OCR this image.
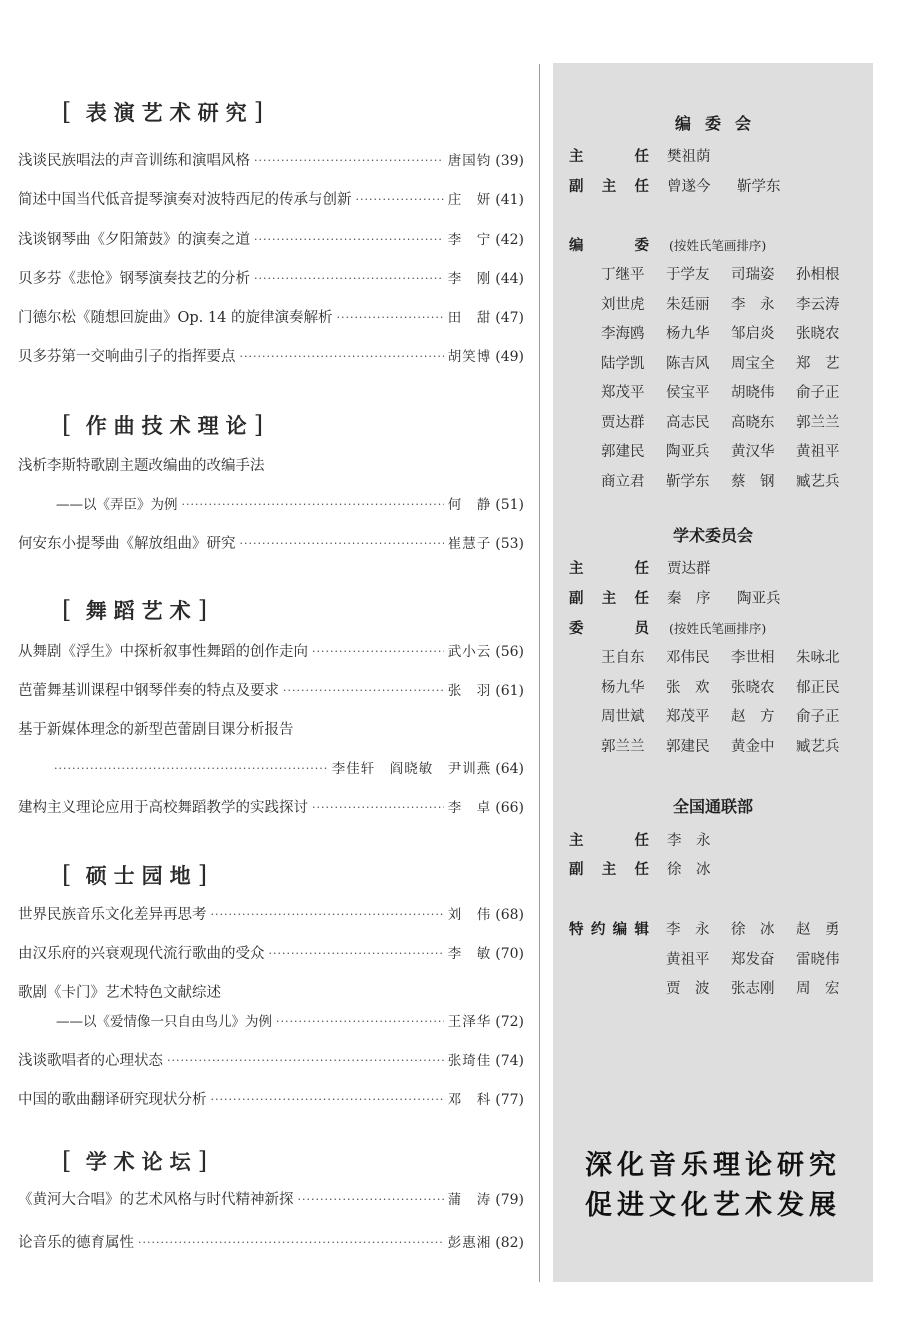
[ 表演艺术研究]
浅谈民族唱法的声音训练和演唱风格 ·····	唐国钧 (39)
简述中国当代低音提琴演奏对波特西尼的传承与创新 ·····	庄　妍 (41)
浅谈钢琴曲《夕阳箫鼓》的演奏之道 ·····	李　宁 (42)
贝多芬《悲怆》钢琴演奏技艺的分析 ·····	李　刚 (44)
门德尔松《随想回旋曲》Op. 14 的旋律演奏解析 ·····	田　甜 (47)
贝多芬第一交响曲引子的指挥要点 ·····	胡笑博 (49)
[ 作曲技术理论]
浅析李斯特歌剧主题改编曲的改编手法
——以《弄臣》为例 ·····	何　静 (51)
何安东小提琴曲《解放组曲》研究 ·····	崔慧子 (53)
[ 舞蹈艺术]
从舞剧《浮生》中探析叙事性舞蹈的创作走向 ·····	武小云 (56)
芭蕾舞基训课程中钢琴伴奏的特点及要求 ·····	张　羽 (61)
基于新媒体理念的新型芭蕾剧目课分析报告
·····
李佳轩　阎晓敏　尹训燕 (64)
建构主义理论应用于高校舞蹈教学的实践探讨 ·····	李　卓 (66)
[ 硕士园地]
世界民族音乐文化差异再思考 ·····	刘　伟 (68)
由汉乐府的兴衰观现代流行歌曲的受众 ·····	李　敏 (70)
歌剧《卡门》艺术特色文献综述
——以《爱情像一只自由鸟儿》为例 ·····	王泽华 (72)
浅谈歌唱者的心理状态 ·····	张琦佳 (74)
中国的歌曲翻译研究现状分析 ·····	邓　科 (77)
[ 学术论坛]
《黄河大合唱》的艺术风格与时代精神新探 ·····	蒲　涛 (79)
论音乐的德育属性 ·····	彭惠湘 (82)
编委会
主	任 樊祖荫
副 主 任 曾遂今 靳学东
编	委 (按姓氏笔画排序)
丁继平	于学友	司瑞姿	孙相根
刘世虎	朱廷丽	李　永	李云涛
李海鸥	杨九华	邹启炎	张晓农
陆学凯	陈吉风	周宝全	郑　艺
郑茂平	侯宝平	胡晓伟	俞子正
贾达群	高志民	高晓东	郭兰兰
郭建民	陶亚兵	黄汉华	黄祖平
商立君	靳学东	蔡　钢	臧艺兵
学术委员会
主	任 贾达群
副 主 任 秦　序 陶亚兵
委	员 (按姓氏笔画排序)
王自东	邓伟民	李世相	朱咏北
杨九华	张　欢	张晓农	郁正民
周世斌	郑茂平	赵　方	俞子正
郭兰兰	郭建民	黄金中	臧艺兵
全国通联部
主	任 李　永
副 主 任 徐　冰
特 约 编 辑 李　永	徐　冰	赵　勇
黄祖平	郑发奋	雷晓伟
贾　波	张志刚	周　宏
深化音乐理论研究
促进文化艺术发展
